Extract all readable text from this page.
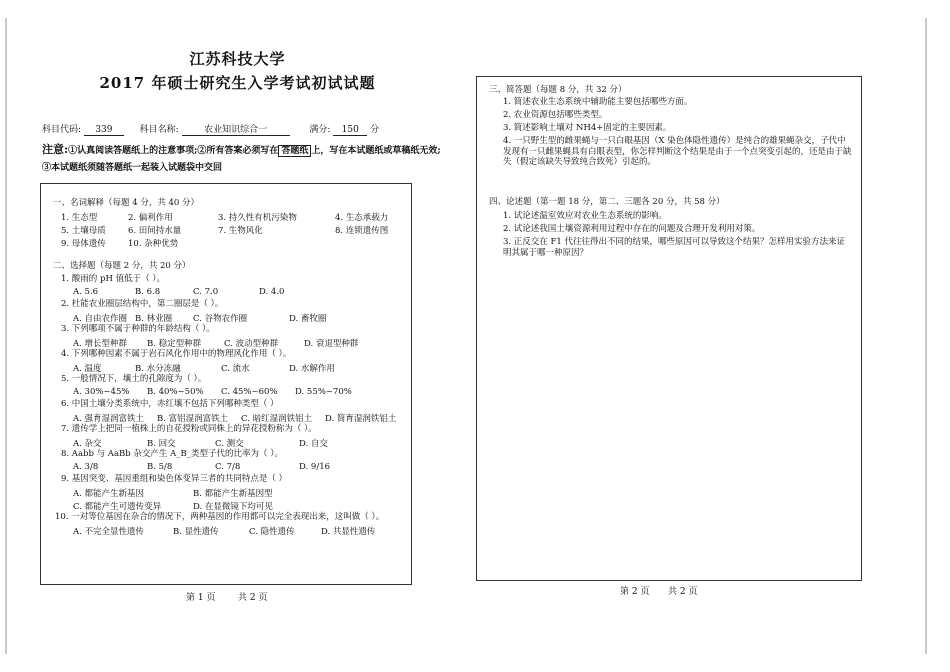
江苏科技大学
2017 年硕士研究生入学考试初试试题
科目代码: 339	科目名称:	农业知识综合一	满分: 150 分
注意:①认真阅读答题纸上的注意事项;②所有答案必须写在 答题纸 上，写在本试题纸或草稿纸无效;
③本试题纸须随答题纸一起装入试题袋中交回
一、名词解释（每题 4 分，共 40 分）
1. 生态型	2. 偏利作用	3. 持久性有机污染物	4. 生态承载力
5. 土壤母质	6. 田间持水量	7. 生物风化	8. 连锁遗传图
9. 母体遗传	10. 杂种优势
二、选择题（每题 2 分，共 20 分）
1. 酸雨的 pH 值低于（ ）。
A. 5.6	B. 6.8	C. 7.0	D. 4.0
2. 杜能农业圈层结构中，第二圈层是（ ）。
A. 自由农作圈 B. 林业圈 C. 谷物农作圈	D. 畜牧圈
3. 下列哪项不属于种群的年龄结构（ ）。
A. 增长型种群 B. 稳定型种群	C. 波动型种群	D. 衰退型种群
4. 下列哪种因素不属于岩石风化作用中的物理风化作用（ ）。
A. 温度	B. 水分冻融	C. 流水	D. 水解作用
5. 一般情况下，壤土的孔隙度为（ ）。
A. 30%~45% B. 40%~50% C. 45%~60% D. 55%~70%
6. 中国土壤分类系统中，赤红壤不包括下列哪种类型（ ）
A. 强育湿润富铁土 B. 富铝湿润富铁土 C. 暗红湿润铁铝土 D. 简育湿润铁铝土
7. 遗传学上把同一植株上的自花授粉或同株上的异花授粉称为（ ）。
A. 杂交	B. 回交	C. 测交	D. 自交
8. Aabb 与 AaBb 杂交产生 A_B_类型子代的比率为（ ）。
A. 3/8	B. 5/8	C. 7/8	D. 9/16
9. 基因突变、基因重组和染色体变异三者的共同特点是（ ）
A. 都能产生新基因	B. 都能产生新基因型
C. 都能产生可遗传变异	D. 在显微镜下均可见
10. 一对等位基因在杂合的情况下，两种基因的作用都可以完全表现出来，这叫做（ ）。
A. 不完全显性遗传	B. 显性遗传	C. 隐性遗传	D. 共显性遗传
第 1 页	共 2 页
三、简答题（每题 8 分，共 32 分）
1. 简述农业生态系统中辅助能主要包括哪些方面。
2. 农业资源包括哪些类型。
3. 简述影响土壤对 NH4+固定的主要因素。
4. 一只野生型的雌果蝇与一只白眼基因（X 染色体隐性遗传）是纯合的雄果蝇杂交，子代中发现有一只雌果蝇具有白眼表型，你怎样判断这个结果是由于一个点突变引起的，还是由于缺失（假定该缺失导致纯合致死）引起的。
四、论述题（第一题 18 分，第二、三题各 20 分，共 58 分）
1. 试论述温室效应对农业生态系统的影响。
2. 试论述我国土壤资源利用过程中存在的问题及合理开发利用对策。
3. 正反交在 F1 代往往得出不同的结果，哪些原因可以导致这个结果？怎样用实验方法来证明其属于哪一种原因？
第 2 页 共 2 页
